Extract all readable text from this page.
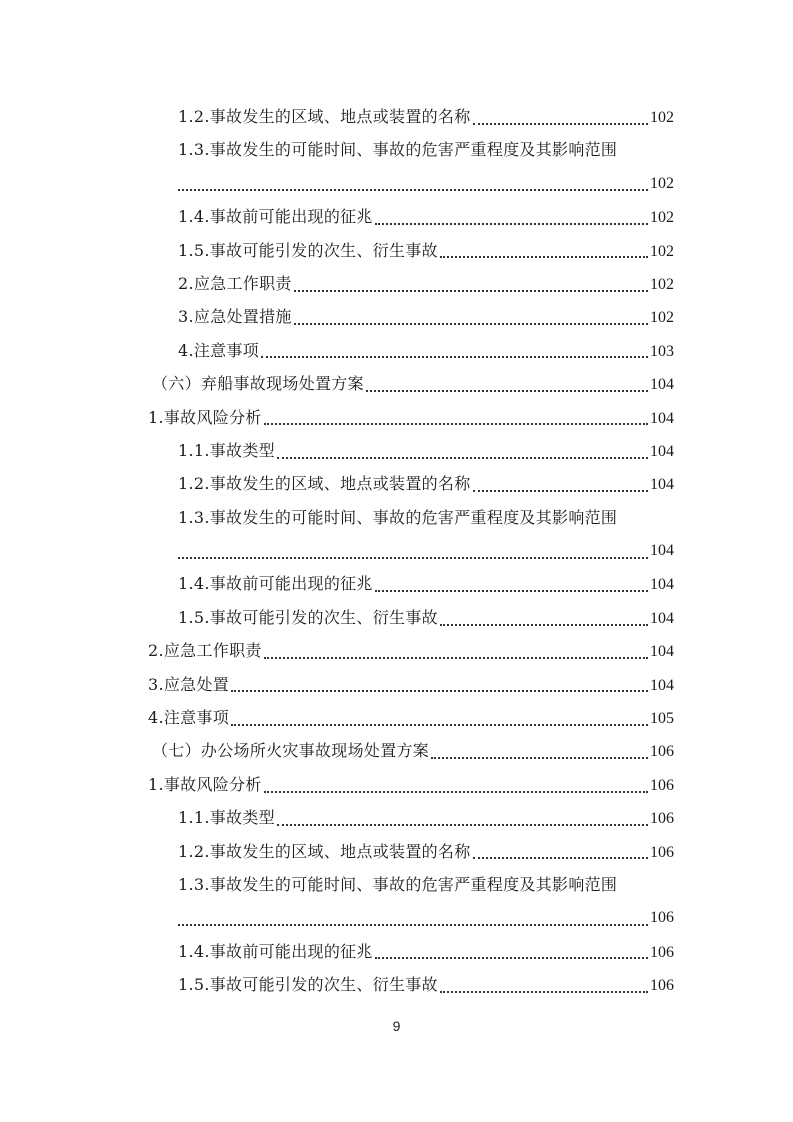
1.2.事故发生的区域、地点或装置的名称	102
1.3.事故发生的可能时间、事故的危害严重程度及其影响范围
102
1.4.事故前可能出现的征兆	102
1.5.事故可能引发的次生、衍生事故	102
2.应急工作职责	102
3.应急处置措施	102
4.注意事项	103
（六）弃船事故现场处置方案	104
1.事故风险分析	104
1.1.事故类型	104
1.2.事故发生的区域、地点或装置的名称	104
1.3.事故发生的可能时间、事故的危害严重程度及其影响范围
104
1.4.事故前可能出现的征兆	104
1.5.事故可能引发的次生、衍生事故	104
2.应急工作职责	104
3.应急处置	104
4.注意事项	105
（七）办公场所火灾事故现场处置方案	106
1.事故风险分析	106
1.1.事故类型	106
1.2.事故发生的区域、地点或装置的名称	106
1.3.事故发生的可能时间、事故的危害严重程度及其影响范围
106
1.4.事故前可能出现的征兆	106
1.5.事故可能引发的次生、衍生事故	106
9
